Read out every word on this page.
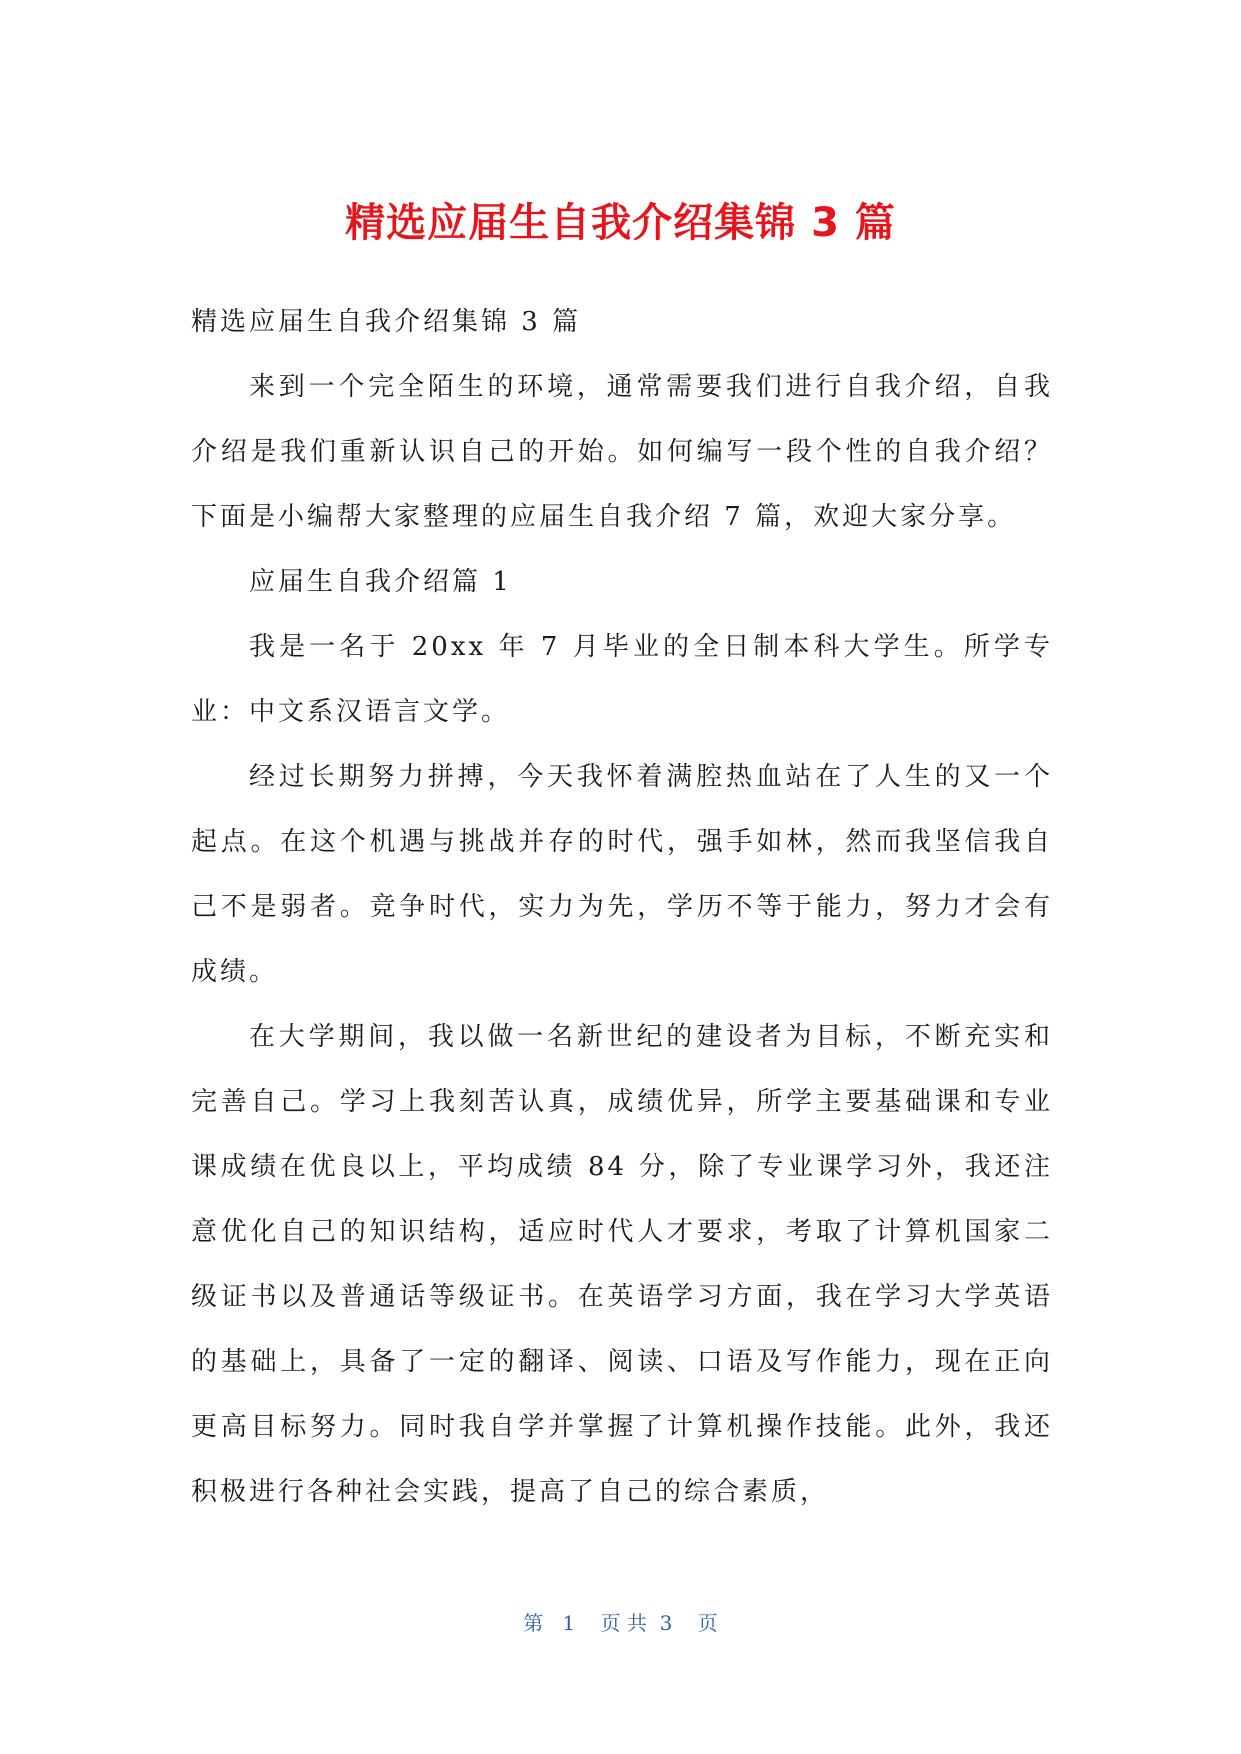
精选应届生自我介绍集锦 3 篇

精选应届生自我介绍集锦 3 篇

来到一个完全陌生的环境，通常需要我们进行自我介绍，自我介绍是我们重新认识自己的开始。如何编写一段个性的自我介绍？下面是小编帮大家整理的应届生自我介绍 7 篇，欢迎大家分享。

应届生自我介绍篇 1

我是一名于 20xx 年 7 月毕业的全日制本科大学生。所学专业：中文系汉语言文学。

经过长期努力拼搏，今天我怀着满腔热血站在了人生的又一个起点。在这个机遇与挑战并存的时代，强手如林，然而我坚信我自己不是弱者。竞争时代，实力为先，学历不等于能力，努力才会有成绩。

在大学期间，我以做一名新世纪的建设者为目标，不断充实和完善自己。学习上我刻苦认真，成绩优异，所学主要基础课和专业课成绩在优良以上，平均成绩 84 分，除了专业课学习外，我还注意优化自己的知识结构，适应时代人才要求，考取了计算机国家二级证书以及普通话等级证书。在英语学习方面，我在学习大学英语的基础上，具备了一定的翻译、阅读、口语及写作能力，现在正向更高目标努力。同时我自学并掌握了计算机操作技能。此外，我还积极进行各种社会实践，提高了自己的综合素质，

第   1    页 共  3    页
